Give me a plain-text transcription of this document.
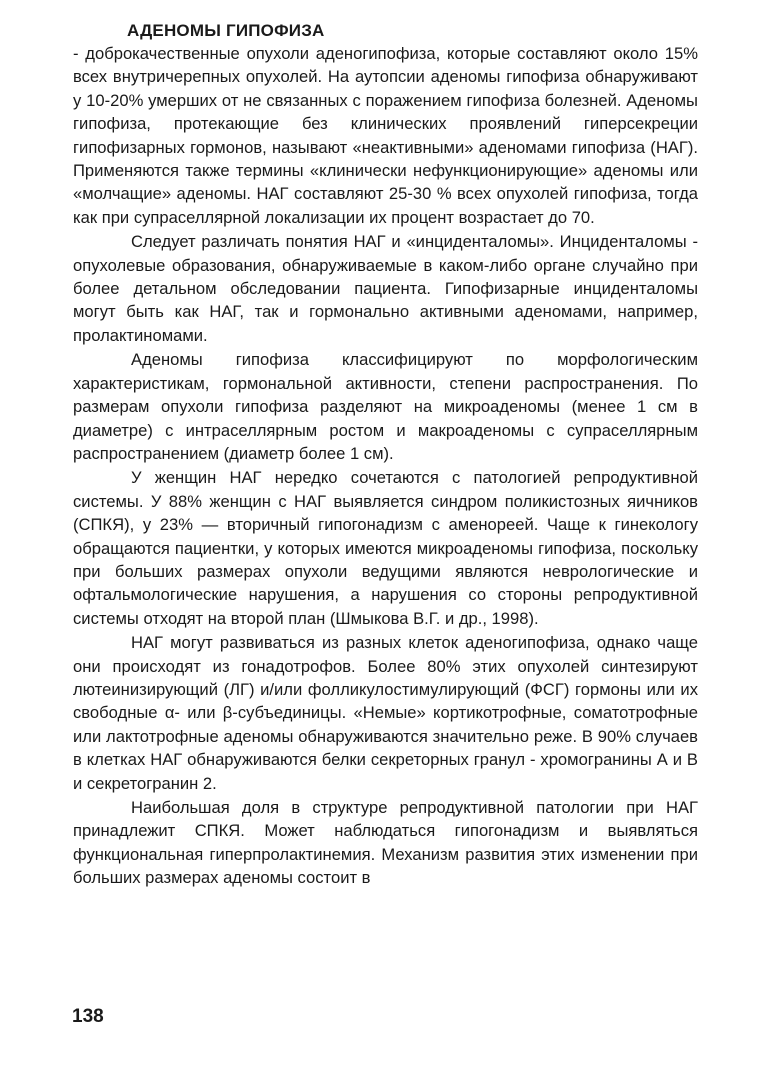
АДЕНОМЫ ГИПОФИЗА

- доброкачественные опухоли аденогипофиза, которые составляют около 15% всех внутричерепных опухолей. На аутопсии аденомы гипофиза обнаруживают у 10-20% умерших от не связанных с поражением гипофиза болезней. Аденомы гипофиза, протекающие без клинических проявлений гиперсекреции гипофизарных гормонов, называют «неактивными» аденомами гипофиза (НАГ). Применяются также термины «клинически нефункционирующие» аденомы или «молчащие» аденомы. НАГ составляют 25-30 % всех опухолей гипофиза, тогда как при супраселлярной локализации их процент возрастает до 70.

Следует различать понятия НАГ и «инциденталомы». Инциденталомы - опухолевые образования, обнаруживаемые в каком-либо органе случайно при более детальном обследовании пациента. Гипофизарные инциденталомы могут быть как НАГ, так и гормонально активными аденомами, например, пролактиномами.

Аденомы гипофиза классифицируют по морфологическим характеристикам, гормональной активности, степени распространения. По размерам опухоли гипофиза разделяют на микроаденомы (менее 1 см в диаметре) с интраселлярным ростом и макроаденомы с супраселлярным распространением (диаметр более 1 см).

У женщин НАГ нередко сочетаются с патологией репродуктивной системы. У 88% женщин с НАГ выявляется синдром поликистозных яичников (СПКЯ), у 23% — вторичный гипогонадизм с аменореей. Чаще к гинекологу обращаются пациентки, у которых имеются микроаденомы гипофиза, поскольку при больших размерах опухоли ведущими являются неврологические и офтальмологические нарушения, а нарушения со стороны репродуктивной системы отходят на второй план (Шмыкова В.Г. и др., 1998).

НАГ могут развиваться из разных клеток аденогипофиза, однако чаще они происходят из гонадотрофов. Более 80% этих опухолей синтезируют лютеинизирующий (ЛГ) и/или фолликулостимулирующий (ФСГ) гормоны или их свободные α- или β-субъединицы. «Немые» кортикотрофные, соматотрофные или лактотрофные аденомы обнаруживаются значительно реже. В 90% случаев в клетках НАГ обнаруживаются белки секреторных гранул - хромогранины А и В и секретогранин 2.

Наибольшая доля в структуре репродуктивной патологии при НАГ принадлежит СПКЯ. Может наблюдаться гипогонадизм и выявляться функциональная гиперпролактинемия. Механизм развития этих изменении при больших размерах аденомы состоит в

138
